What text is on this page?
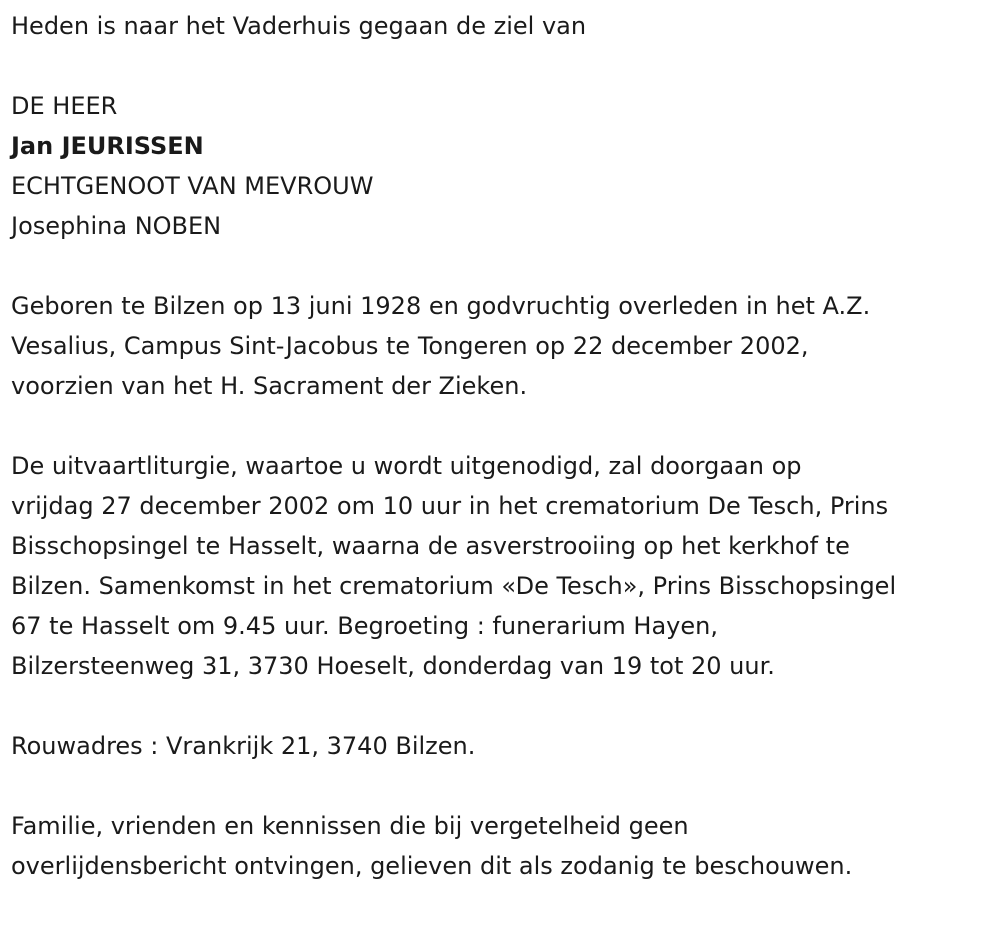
Heden is naar het Vaderhuis gegaan de ziel van
DE HEER
Jan JEURISSEN
ECHTGENOOT VAN MEVROUW
Josephina NOBEN
Geboren te Bilzen op 13 juni 1928 en godvruchtig overleden in het A.Z.
Vesalius, Campus Sint-Jacobus te Tongeren op 22 december 2002,
voorzien van het H. Sacrament der Zieken.
De uitvaartliturgie, waartoe u wordt uitgenodigd, zal doorgaan op
vrijdag 27 december 2002 om 10 uur in het crematorium De Tesch, Prins
Bisschopsingel te Hasselt, waarna de asverstrooiing op het kerkhof te
Bilzen. Samenkomst in het crematorium «De Tesch», Prins Bisschopsingel
67 te Hasselt om 9.45 uur. Begroeting : funerarium Hayen,
Bilzersteenweg 31, 3730 Hoeselt, donderdag van 19 tot 20 uur.
Rouwadres : Vrankrijk 21, 3740 Bilzen.
Familie, vrienden en kennissen die bij vergetelheid geen
overlijdensbericht ontvingen, gelieven dit als zodanig te beschouwen.
